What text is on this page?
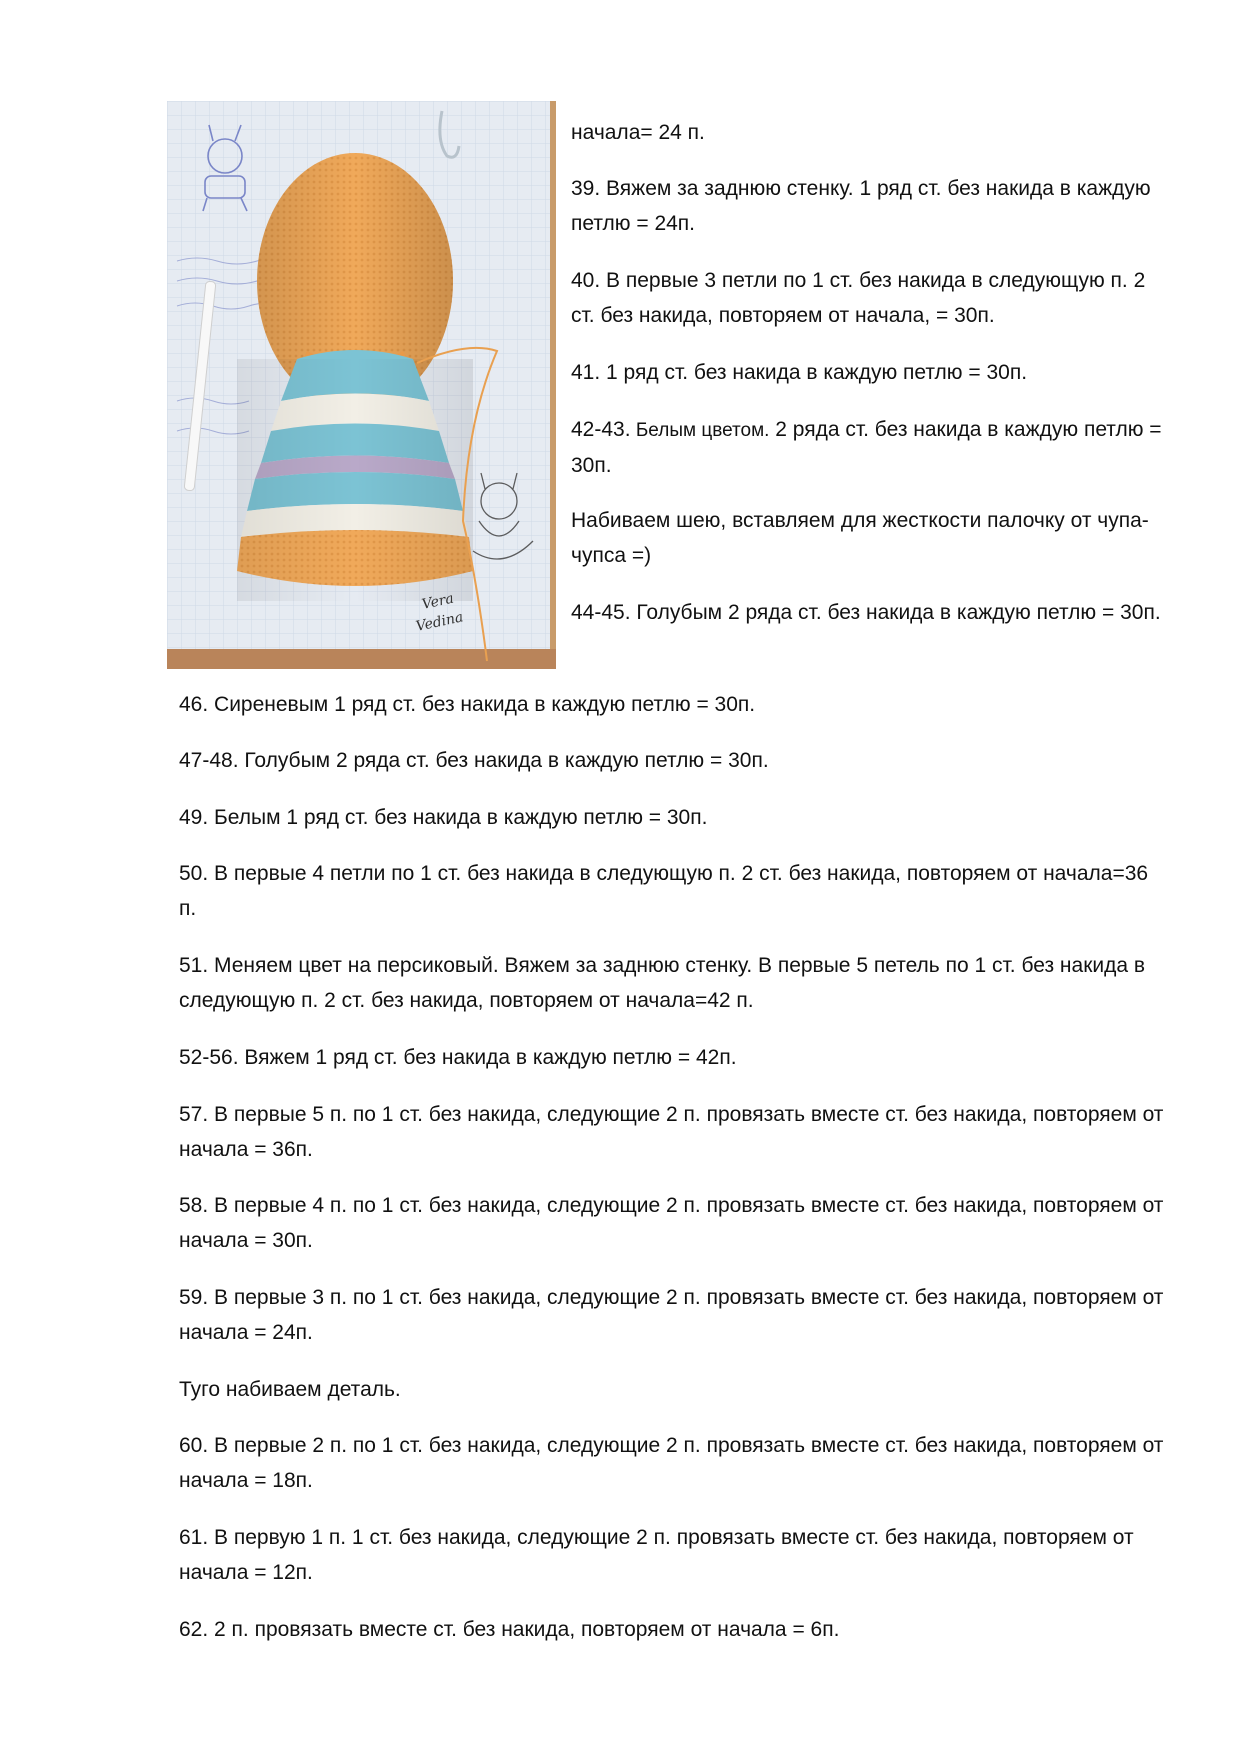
Vera
Vedina

начала= 24 п.

39. Вяжем за заднюю стенку. 1 ряд ст. без накида в каждую петлю = 24п.

40. В первые 3 петли по 1 ст. без накида в следующую п. 2 ст. без накида, повторяем от начала, = 30п.

41. 1 ряд ст. без накида в каждую петлю = 30п.

42-43. Белым цветом. 2 ряда ст. без накида в каждую петлю = 30п.

Набиваем шею, вставляем для жесткости палочку от чупа-чупса =)

44-45. Голубым 2 ряда ст. без накида в каждую петлю = 30п.

46. Сиреневым 1 ряд ст. без накида в каждую петлю = 30п.

47-48. Голубым 2 ряда ст. без накида в каждую петлю = 30п.

49. Белым 1 ряд ст. без накида в каждую петлю = 30п.

50. В первые 4 петли по 1 ст. без накида в следующую п. 2 ст. без накида, повторяем от начала=36 п.

51. Меняем цвет на персиковый. Вяжем за заднюю стенку. В первые 5 петель по 1 ст. без накида в следующую п. 2 ст. без накида, повторяем от начала=42 п.

52-56. Вяжем 1 ряд ст. без накида в каждую петлю = 42п.

57. В первые 5 п. по 1 ст. без накида, следующие 2 п. провязать вместе ст. без накида, повторяем от начала = 36п.

58. В первые 4 п. по 1 ст. без накида, следующие 2 п. провязать вместе ст. без накида, повторяем от начала = 30п.

59. В первые 3 п. по 1 ст. без накида, следующие 2 п. провязать вместе ст. без накида, повторяем от начала = 24п.

Туго набиваем деталь.

60. В первые 2 п. по 1 ст. без накида, следующие 2 п. провязать вместе ст. без накида, повторяем от начала = 18п.

61. В первую 1 п. 1 ст. без накида, следующие 2 п. провязать вместе ст. без накида, повторяем от начала = 12п.

62. 2 п. провязать вместе ст. без накида, повторяем от начала = 6п.
